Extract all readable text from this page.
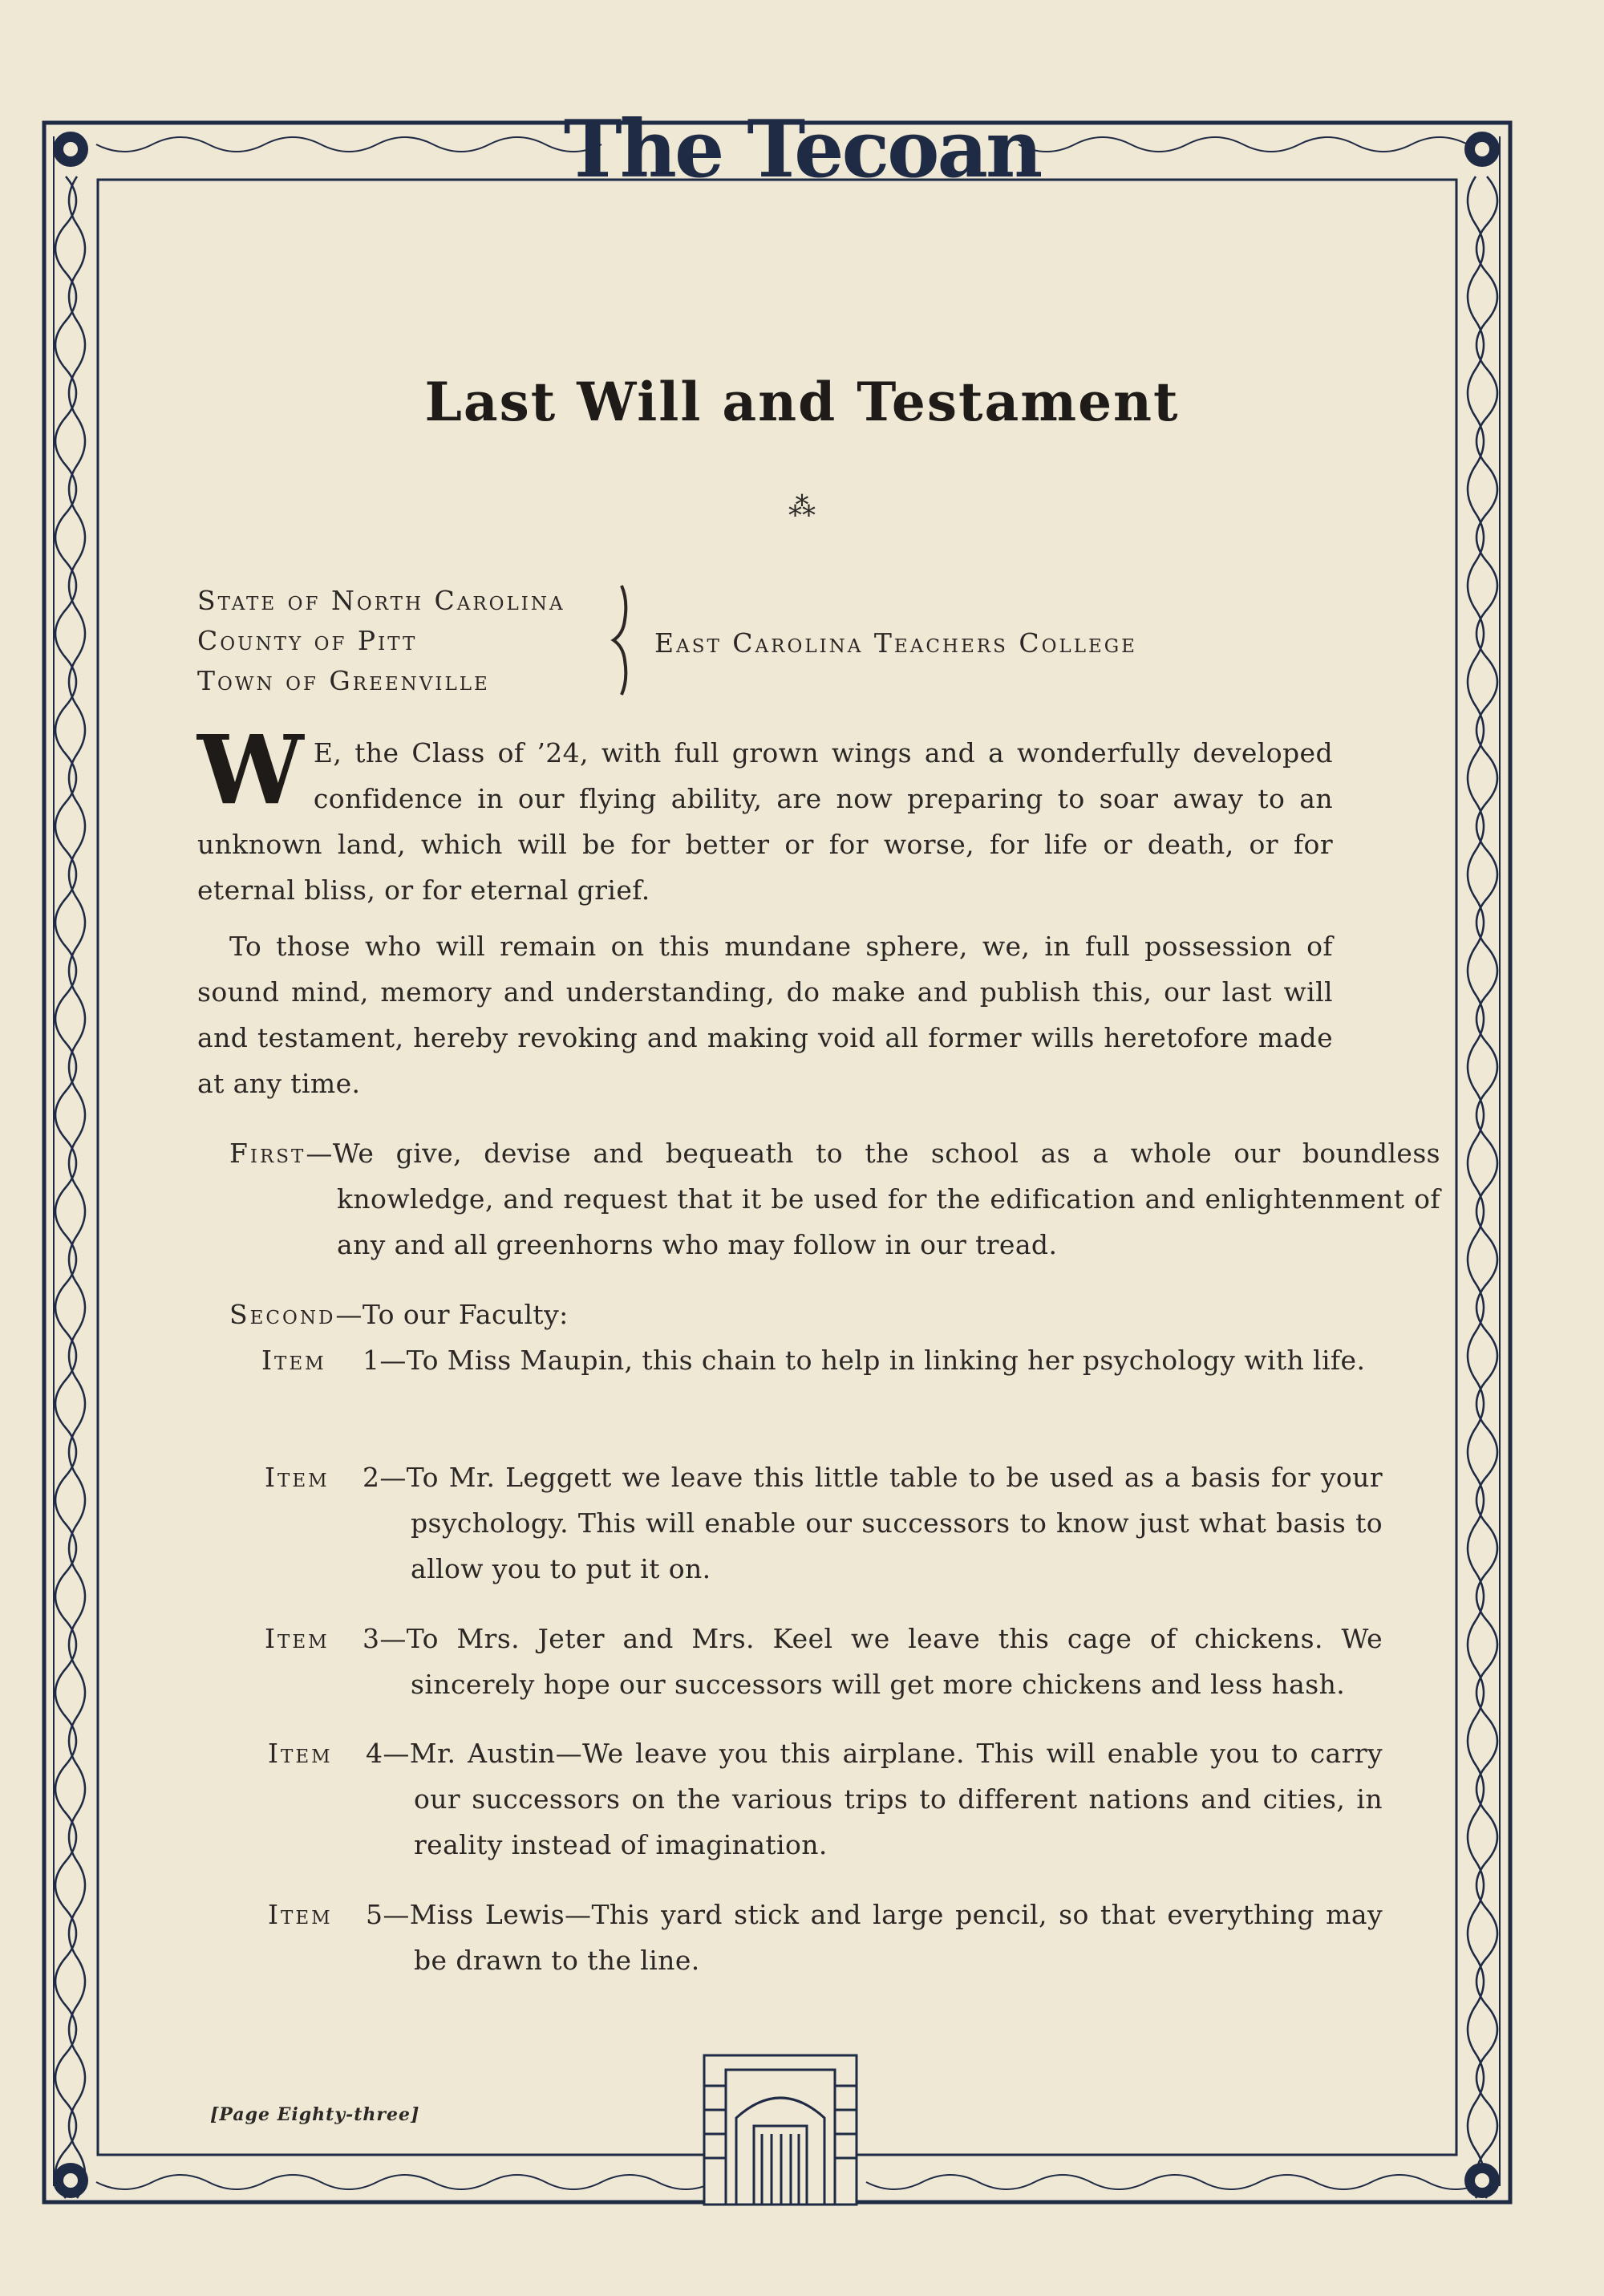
The Tecoan
Last Will and Testament
⁂
State of North Carolina
County of Pitt
Town of Greenville
East Carolina Teachers College
W E, the Class of ’24, with full grown wings and a wonderfully developed confidence in our flying ability, are now preparing to soar away to an unknown land, which will be for better or for worse, for life or death, or for eternal bliss, or for eternal grief.
To those who will remain on this mundane sphere, we, in full possession of sound mind, memory and understanding, do make and publish this, our last will and testament, hereby revoking and making void all former wills heretofore made at any time.
First—We give, devise and bequeath to the school as a whole our boundless knowledge, and request that it be used for the edification and enlightenment of any and all greenhorns who may follow in our tread.
Second—To our Faculty:
Item 1—To Miss Maupin, this chain to help in linking her psychology with life.
Item 2—To Mr. Leggett we leave this little table to be used as a basis for your psychology. This will enable our successors to know just what basis to allow you to put it on.
Item 3—To Mrs. Jeter and Mrs. Keel we leave this cage of chickens. We sincerely hope our successors will get more chickens and less hash.
Item 4—Mr. Austin—We leave you this airplane. This will enable you to carry our successors on the various trips to different nations and cities, in reality instead of imagination.
Item 5—Miss Lewis—This yard stick and large pencil, so that everything may be drawn to the line.
[Page Eighty-three]
